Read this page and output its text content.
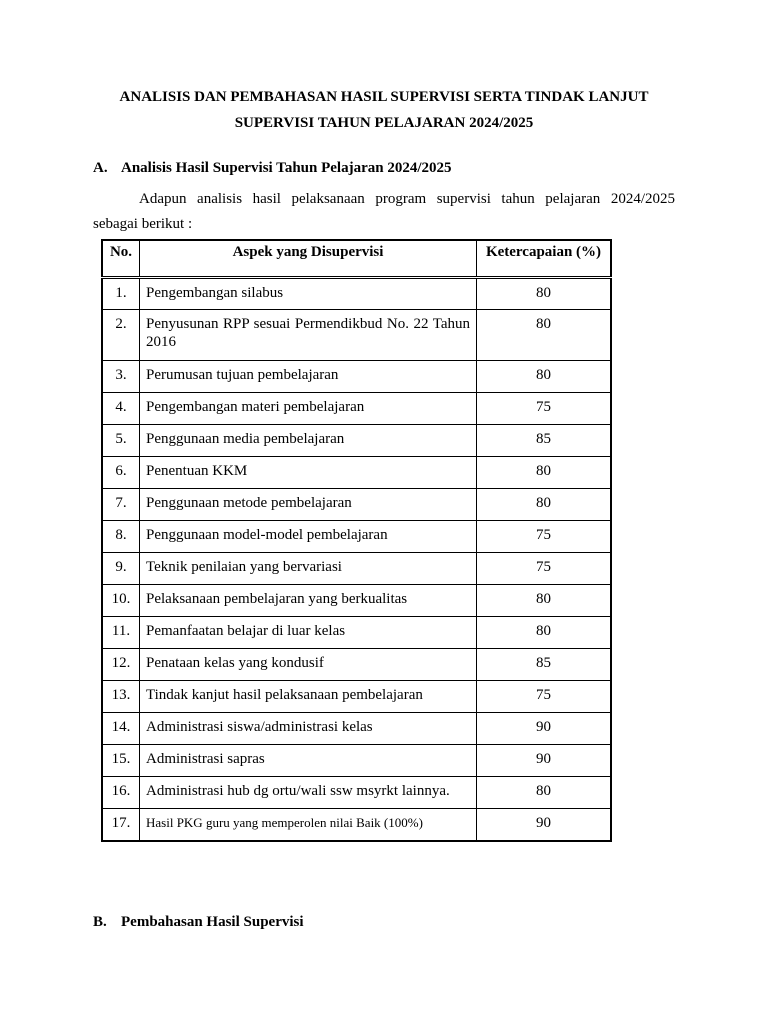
ANALISIS DAN PEMBAHASAN HASIL SUPERVISI SERTA TINDAK LANJUT
SUPERVISI TAHUN PELAJARAN 2024/2025
A. Analisis Hasil Supervisi Tahun Pelajaran 2024/2025
Adapun analisis hasil pelaksanaan program supervisi tahun pelajaran 2024/2025
sebagai berikut :
No.	Aspek yang Disupervisi	Ketercapaian (%)
1.	Pengembangan silabus	80
2.	Penyusunan RPP sesuai Permendikbud No. 22 Tahun 2016	80
3.	Perumusan tujuan pembelajaran	80
4.	Pengembangan materi pembelajaran	75
5.	Penggunaan media pembelajaran	85
6.	Penentuan KKM	80
7.	Penggunaan metode pembelajaran	80
8.	Penggunaan model-model pembelajaran	75
9.	Teknik penilaian yang bervariasi	75
10.	Pelaksanaan pembelajaran yang berkualitas	80
11.	Pemanfaatan belajar di luar kelas	80
12.	Penataan kelas yang kondusif	85
13.	Tindak kanjut hasil pelaksanaan pembelajaran	75
14.	Administrasi siswa/administrasi kelas	90
15.	Administrasi sapras	90
16.	Administrasi hub dg ortu/wali ssw msyrkt lainnya.	80
17.	Hasil PKG guru yang memperolen nilai Baik (100%)	90
B. Pembahasan Hasil Supervisi
